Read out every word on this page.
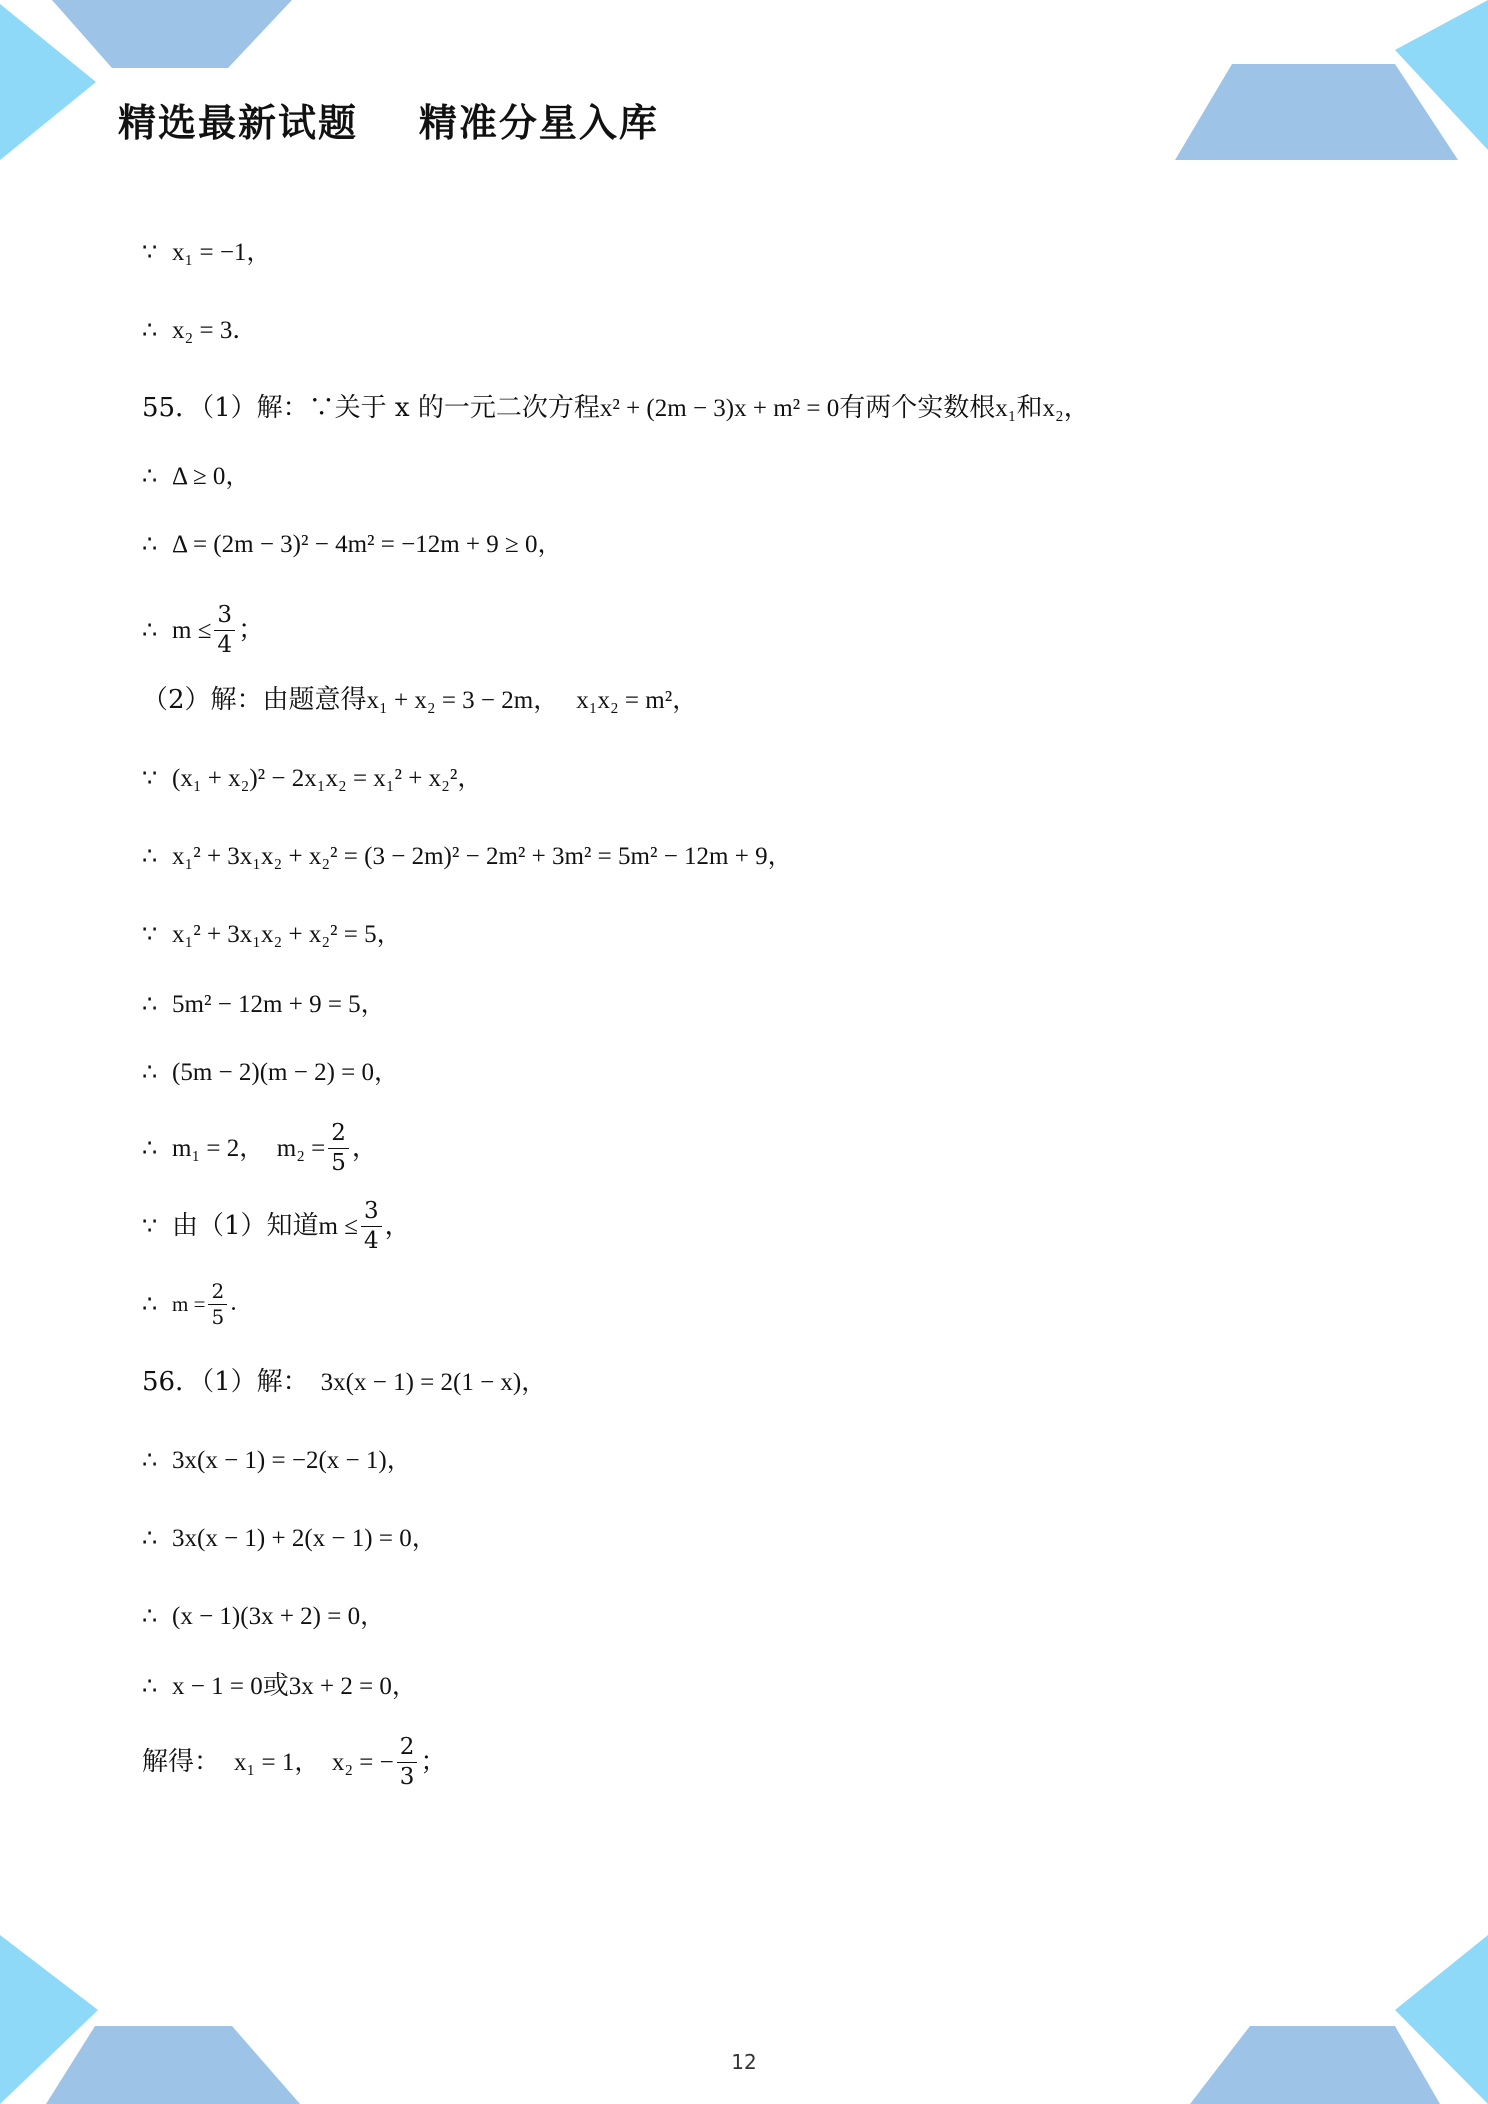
精选最新试题    精准分星入库
∵ x₁ = −1，
∴ x₂ = 3．
55．（1）解：∵关于 x 的一元二次方程 x² + (2m − 3)x + m² = 0 有两个实数根 x₁ 和 x₂ ，
∴ Δ ≥ 0，
∴ Δ = (2m − 3)² − 4m² = −12m + 9 ≥ 0，
∴ $m \le \frac{3}{4}$ ；
（2）解：由题意得 x₁ + x₂ = 3 − 2m， x₁x₂ = m²，
∵ (x₁ + x₂)² − 2x₁x₂ = x₁² + x₂²，
∴ x₁² + 3x₁x₂ + x₂² = (3 − 2m)² − 2m² + 3m² = 5m² − 12m + 9，
∵ x₁² + 3x₁x₂ + x₂² = 5，
∴ 5m² − 12m + 9 = 5，
∴ (5m − 2)(m − 2) = 0，
∴ m₁ = 2，  $m_2 = \frac{2}{5}$ ，
∵ 由（1）知道 $m \le \frac{3}{4}$ ，
∴ $m = \frac{2}{5}$ ．
56．（1）解： 3x(x − 1) = 2(1 − x)，
∴ 3x(x − 1) = −2(x − 1)，
∴ 3x(x − 1) + 2(x − 1) = 0，
∴ (x − 1)(3x + 2) = 0，
∴ x − 1 = 0 或 3x + 2 = 0，
解得： x₁ = 1，  x₂ = − $\frac{2}{3}$ ；
12
